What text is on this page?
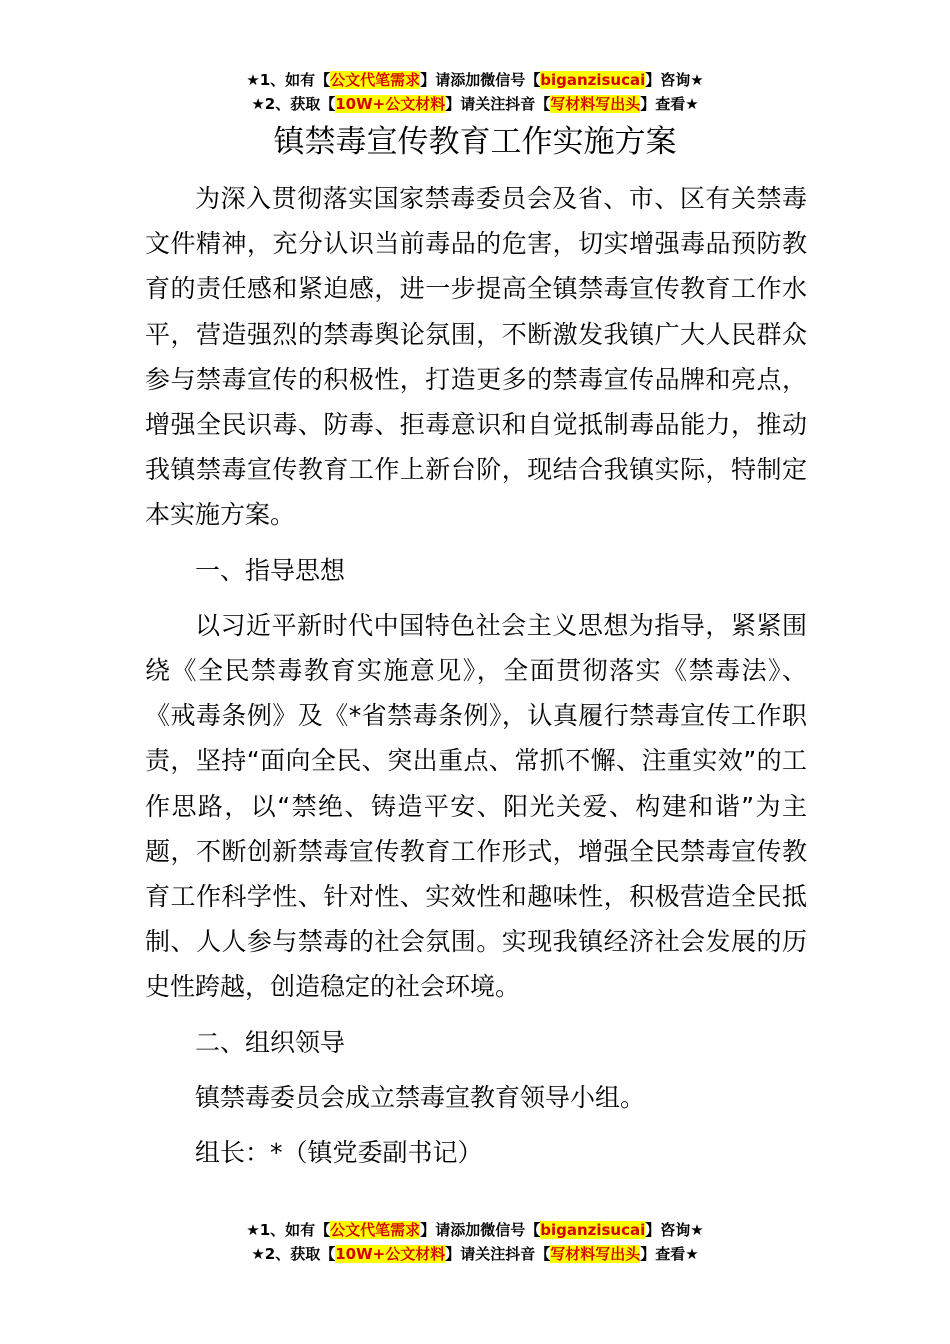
★1、如有【公文代笔需求】请添加微信号【biganzisucai】咨询★
★2、获取【10W+公文材料】请关注抖音【写材料写出头】查看★
镇禁毒宣传教育工作实施方案

为深入贯彻落实国家禁毒委员会及省、市、区有关禁毒文件精神，充分认识当前毒品的危害，切实增强毒品预防教育的责任感和紧迫感，进一步提高全镇禁毒宣传教育工作水平，营造强烈的禁毒舆论氛围，不断激发我镇广大人民群众参与禁毒宣传的积极性，打造更多的禁毒宣传品牌和亮点，增强全民识毒、防毒、拒毒意识和自觉抵制毒品能力，推动我镇禁毒宣传教育工作上新台阶，现结合我镇实际，特制定本实施方案。

一、指导思想

以习近平新时代中国特色社会主义思想为指导，紧紧围绕《全民禁毒教育实施意见》，全面贯彻落实《禁毒法》、《戒毒条例》及《*省禁毒条例》，认真履行禁毒宣传工作职责，坚持“面向全民、突出重点、常抓不懈、注重实效”的工作思路，以“禁绝、铸造平安、阳光关爱、构建和谐”为主题，不断创新禁毒宣传教育工作形式，增强全民禁毒宣传教育工作科学性、针对性、实效性和趣味性，积极营造全民抵制、人人参与禁毒的社会氛围。实现我镇经济社会发展的历史性跨越，创造稳定的社会环境。

二、组织领导

镇禁毒委员会成立禁毒宣教育领导小组。

组长：*（镇党委副书记）

★1、如有【公文代笔需求】请添加微信号【biganzisucai】咨询★
★2、获取【10W+公文材料】请关注抖音【写材料写出头】查看★
